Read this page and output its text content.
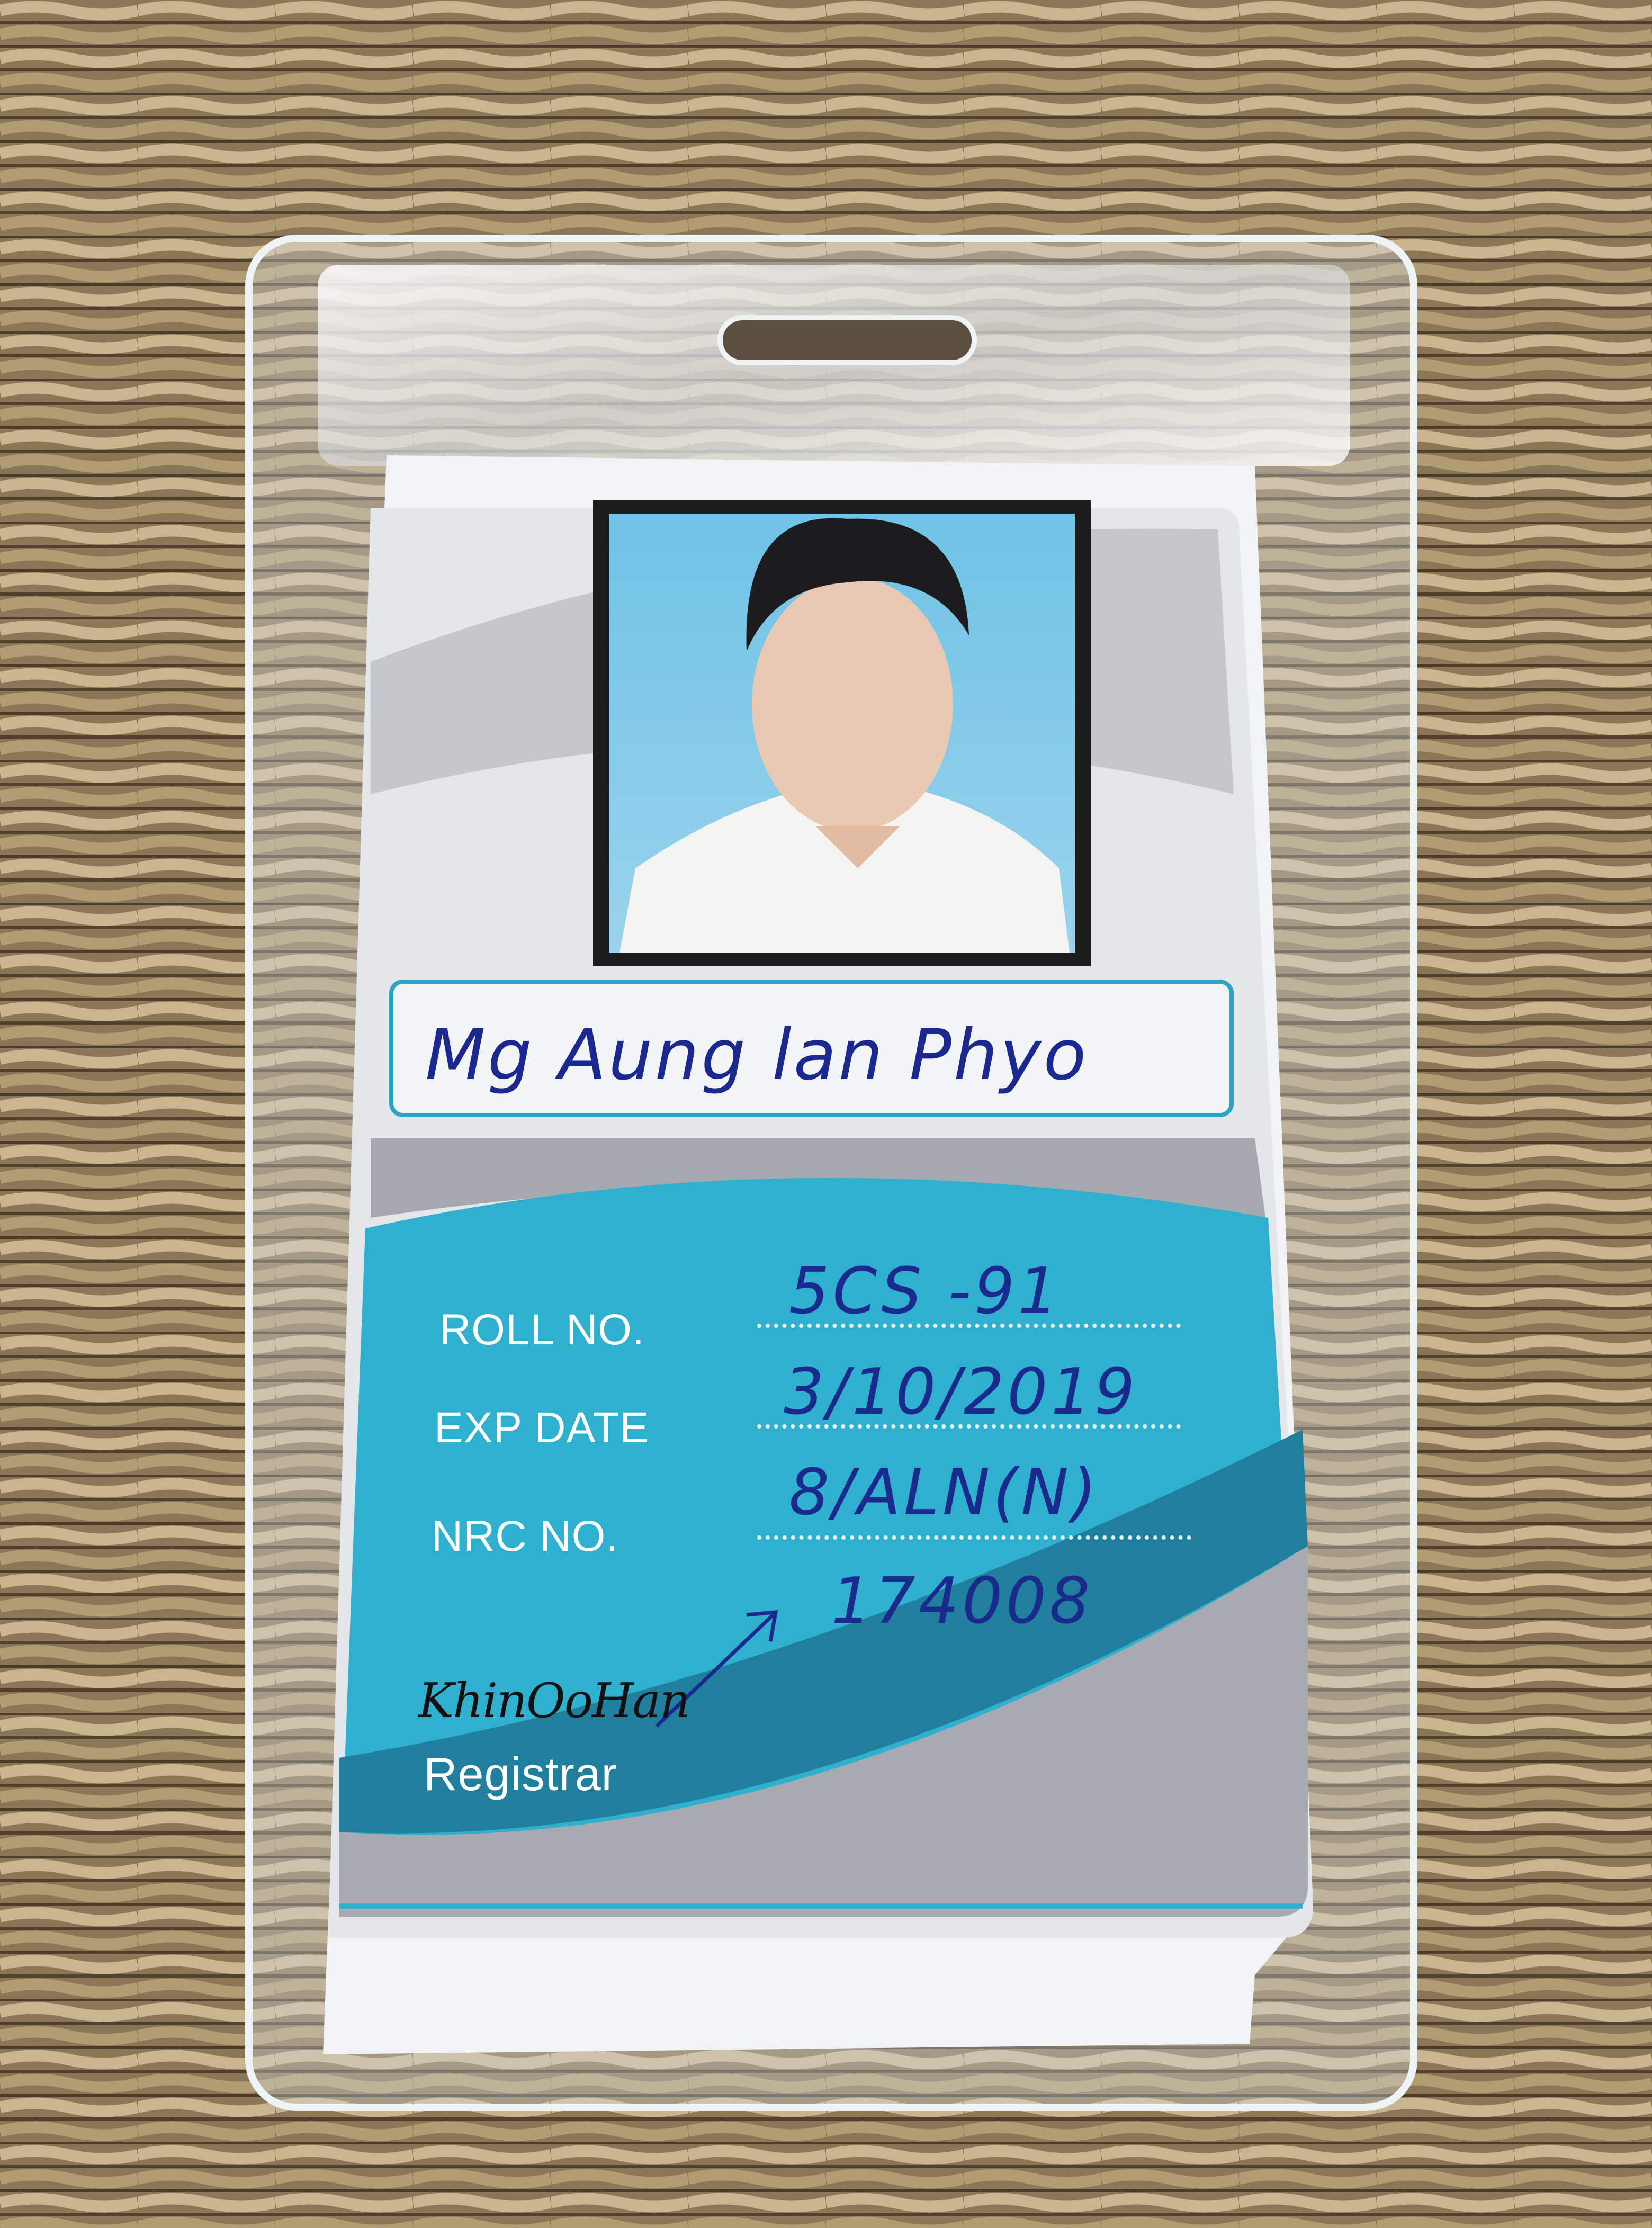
Mg Aung lan Phyo
ROLL NO.
5CS -91
EXP DATE 3/10/2019
NRC NO.
8/ALN(N)
174008
KhinOoHan
Registrar
